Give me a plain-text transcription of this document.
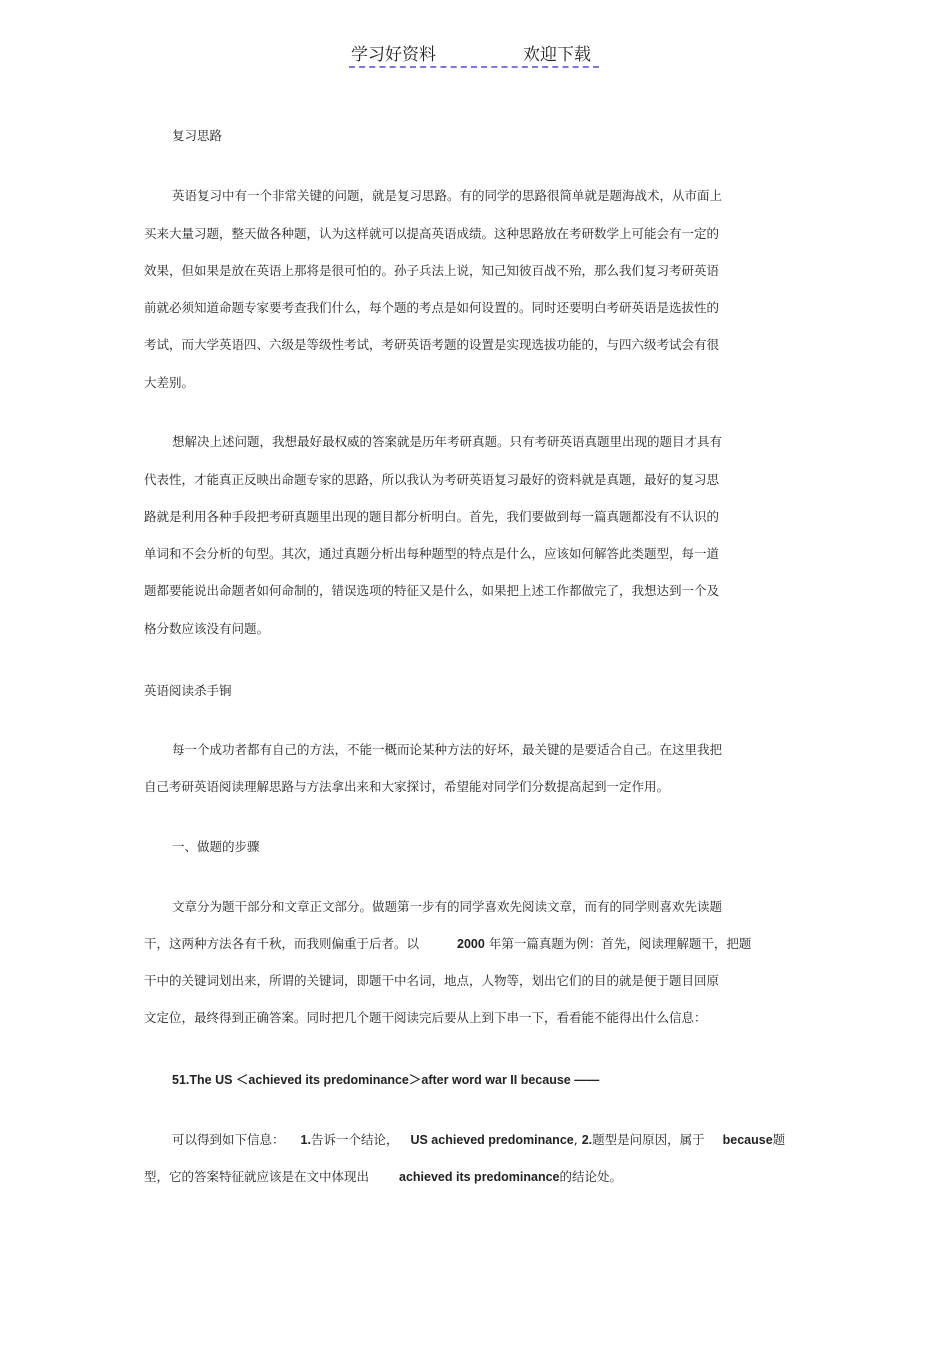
学习好资料	欢迎下载
复习思路
英语复习中有一个非常关键的问题，就是复习思路。有的同学的思路很简单就是题海战术，从市面上
买来大量习题，整天做各种题，认为这样就可以提高英语成绩。这种思路放在考研数学上可能会有一定的
效果，但如果是放在英语上那将是很可怕的。孙子兵法上说，知己知彼百战不殆，那么我们复习考研英语
前就必须知道命题专家要考查我们什么，每个题的考点是如何设置的。同时还要明白考研英语是选拔性的
考试，而大学英语四、六级是等级性考试，考研英语考题的设置是实现选拔功能的，与四六级考试会有很
大差别。
想解决上述问题，我想最好最权威的答案就是历年考研真题。只有考研英语真题里出现的题目才具有
代表性，才能真正反映出命题专家的思路，所以我认为考研英语复习最好的资料就是真题，最好的复习思
路就是利用各种手段把考研真题里出现的题目都分析明白。首先，我们要做到每一篇真题都没有不认识的
单词和不会分析的句型。其次，通过真题分析出每种题型的特点是什么，应该如何解答此类题型，每一道
题都要能说出命题者如何命制的，错误选项的特征又是什么，如果把上述工作都做完了，我想达到一个及
格分数应该没有问题。
英语阅读杀手锏
每一个成功者都有自己的方法，不能一概而论某种方法的好坏，最关键的是要适合自己。在这里我把
自己考研英语阅读理解思路与方法拿出来和大家探讨，希望能对同学们分数提高起到一定作用。
一、做题的步骤
文章分为题干部分和文章正文部分。做题第一步有的同学喜欢先阅读文章，而有的同学则喜欢先读题
干，这两种方法各有千秋，而我则偏重于后者。以	2000 年第一篇真题为例：首先，阅读理解题干，把题
干中的关键词划出来，所谓的关键词，即题干中名词，地点，人物等，划出它们的目的就是便于题目回原
文定位，最终得到正确答案。同时把几个题干阅读完后要从上到下串一下，看看能不能得出什么信息：
51.The US ＜achieved its predominance＞after word war II because ——
可以得到如下信息： 1.告诉一个结论， US achieved predominance, 2.题型是问原因，属于 because题
型，它的答案特征就应该是在文中体现出 achieved its predominance的结论处。
